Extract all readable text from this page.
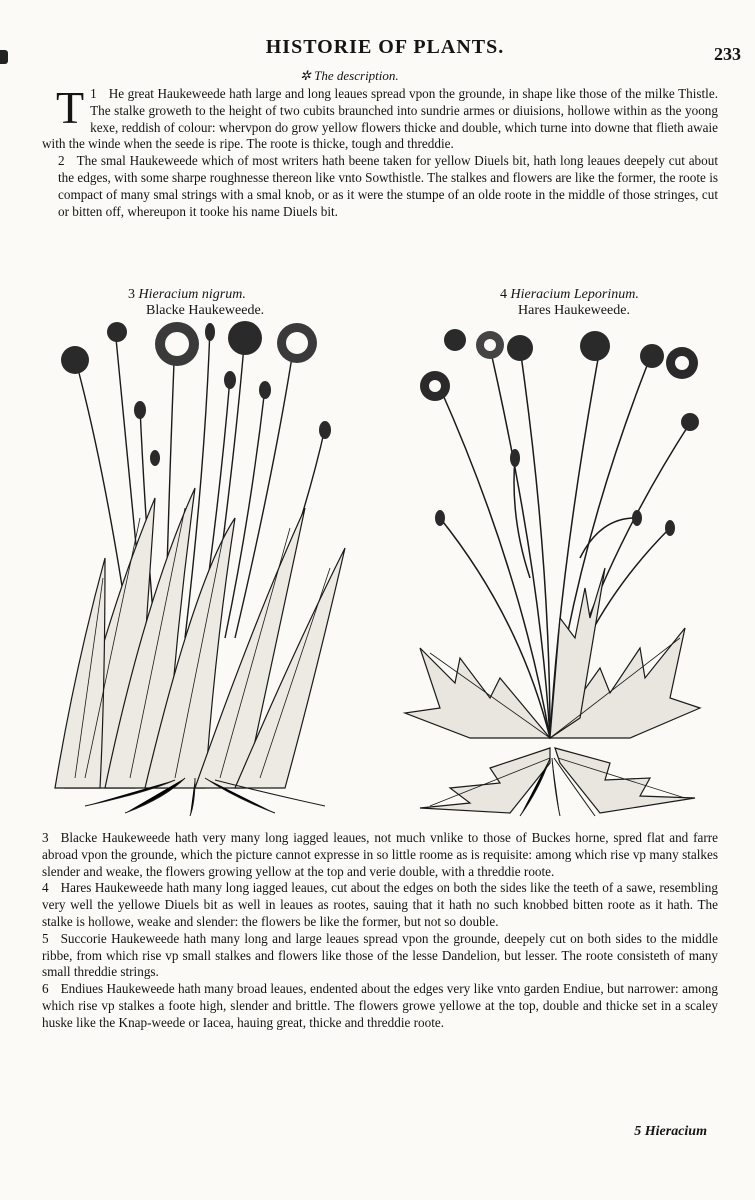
HISTORIE OF PLANTS.	233
✲ The description.

1
T He great Haukeweede hath large and long leaues spread vpon the grounde, in shape like those of the milke Thistle. The stalke groweth to the height of two cubits braunched into sundrie armes or diuisions, hollowe within as the yoong kexe, reddish of colour: whervpon do grow yellow flowers thicke and double, which turne into downe that flieth awaie with the winde when the seede is ripe. The roote is thicke, tough and threddie.

2 The smal Haukeweede which of most writers hath beene taken for yellow Diuels bit, hath long leaues deepely cut about the edges, with some sharpe roughnesse thereon like vnto Sowthistle. The stalkes and flowers are like the former, the roote is compact of many smal strings with a smal knob, or as it were the stumpe of an olde roote in the middle of those stringes, cut or bitten off, whereupon it tooke his name Diuels bit.

3 Hieracium nigrum.
Blacke Haukeweede.
4 Hieracium Leporinum.
Hares Haukeweede.

3 Blacke Haukeweede hath very many long iagged leaues, not much vnlike to those of Buckes horne, spred flat and farre abroad vpon the grounde, which the picture cannot expresse in so little roome as is requisite: among which rise vp many stalkes slender and weake, the flowers growing yellow at the top and verie double, with a threddie roote.

4 Hares Haukeweede hath many long iagged leaues, cut about the edges on both the sides like the teeth of a sawe, resembling very well the yellowe Diuels bit as well in leaues as rootes, sauing that it hath no such knobbed bitten roote as it hath. The stalke is hollowe, weake and slender: the flowers be like the former, but not so double.

5 Succorie Haukeweede hath many long and large leaues spread vpon the grounde, deepely cut on both sides to the middle ribbe, from which rise vp small stalkes and flowers like those of the lesse Dandelion, but lesser. The roote consisteth of many small threddie strings.

6 Endiues Haukeweede hath many broad leaues, endented about the edges very like vnto garden Endiue, but narrower: among which rise vp stalkes a foote high, slender and brittle. The flowers growe yellowe at the top, double and thicke set in a scaley huske like the Knap-weede or Iacea, hauing great, thicke and threddie roote.

5 Hieracium
